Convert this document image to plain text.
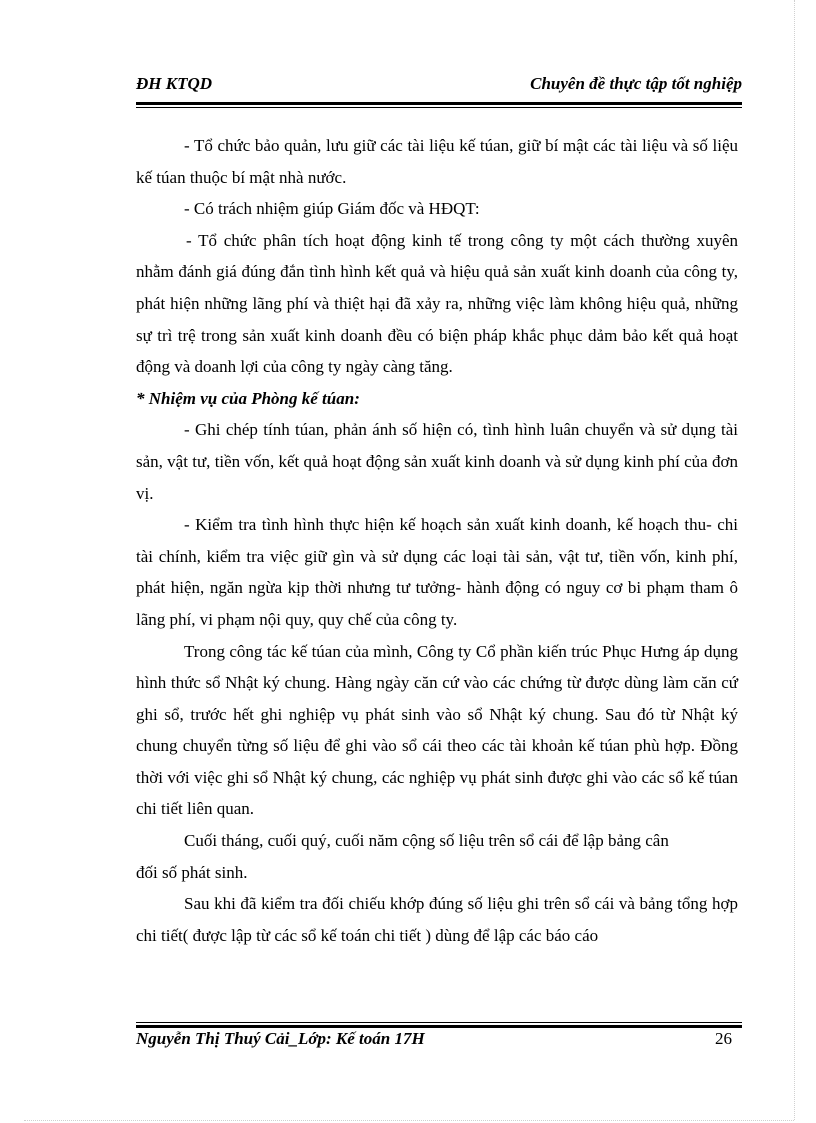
ĐH KTQD	Chuyên đề thực tập tốt nghiệp

- Tổ chức bảo quản, lưu giữ các tài liệu kế túan, giữ bí mật các tài liệu và số liệu kế túan thuộc bí mật nhà nước.

- Có trách nhiệm giúp Giám đốc và HĐQT:

- Tổ chức phân tích hoạt động kinh tế trong công ty một cách thường xuyên nhằm đánh giá đúng đắn tình hình kết quả và hiệu quả sản xuất kinh doanh của công ty, phát hiện những lãng phí và thiệt hại đã xảy ra, những việc làm không hiệu quả, những sự trì trệ trong sản xuất kinh doanh đều có biện pháp khắc phục dảm bảo kết quả hoạt động và doanh lợi của công ty ngày càng tăng.

* Nhiệm vụ của Phòng kế túan:

- Ghi chép tính túan, phản ánh số hiện có, tình hình luân chuyển và sử dụng tài sản, vật tư, tiền vốn, kết quả hoạt động sản xuất kinh doanh và sử dụng kinh phí của đơn vị.

- Kiểm tra tình hình thực hiện kế hoạch sản xuất kinh doanh, kế hoạch thu- chi tài chính, kiểm tra việc giữ gìn và sử dụng các loại tài sản, vật tư, tiền vốn, kinh phí, phát hiện, ngăn ngừa kịp thời nhưng tư tưởng- hành động có nguy cơ bi phạm tham ô lãng phí, vi phạm nội quy, quy chế của công ty.

Trong công tác kế túan của mình, Công ty Cổ phần kiến trúc Phục Hưng áp dụng hình thức sổ Nhật ký chung. Hàng ngày căn cứ vào các chứng từ được dùng làm căn cứ ghi sổ, trước hết ghi nghiệp vụ phát sinh vào sổ Nhật ký chung. Sau đó từ Nhật ký chung chuyển từng số liệu để ghi vào sổ cái theo các tài khoản kế túan phù hợp. Đồng thời với việc ghi sổ Nhật ký chung, các nghiệp vụ phát sinh được ghi vào các sổ kế túan chi tiết liên quan.

Cuối tháng, cuối quý, cuối năm cộng số liệu trên sổ cái để lập bảng cân

đối số phát sinh.

Sau khi đã kiểm tra đối chiếu khớp đúng số liệu ghi trên sổ cái và bảng tổng hợp chi tiết( được lập từ các sổ kế toán chi tiết ) dùng để lập các báo cáo

Nguyễn Thị Thuý Cải_Lớp: Kế toán 17H	26
